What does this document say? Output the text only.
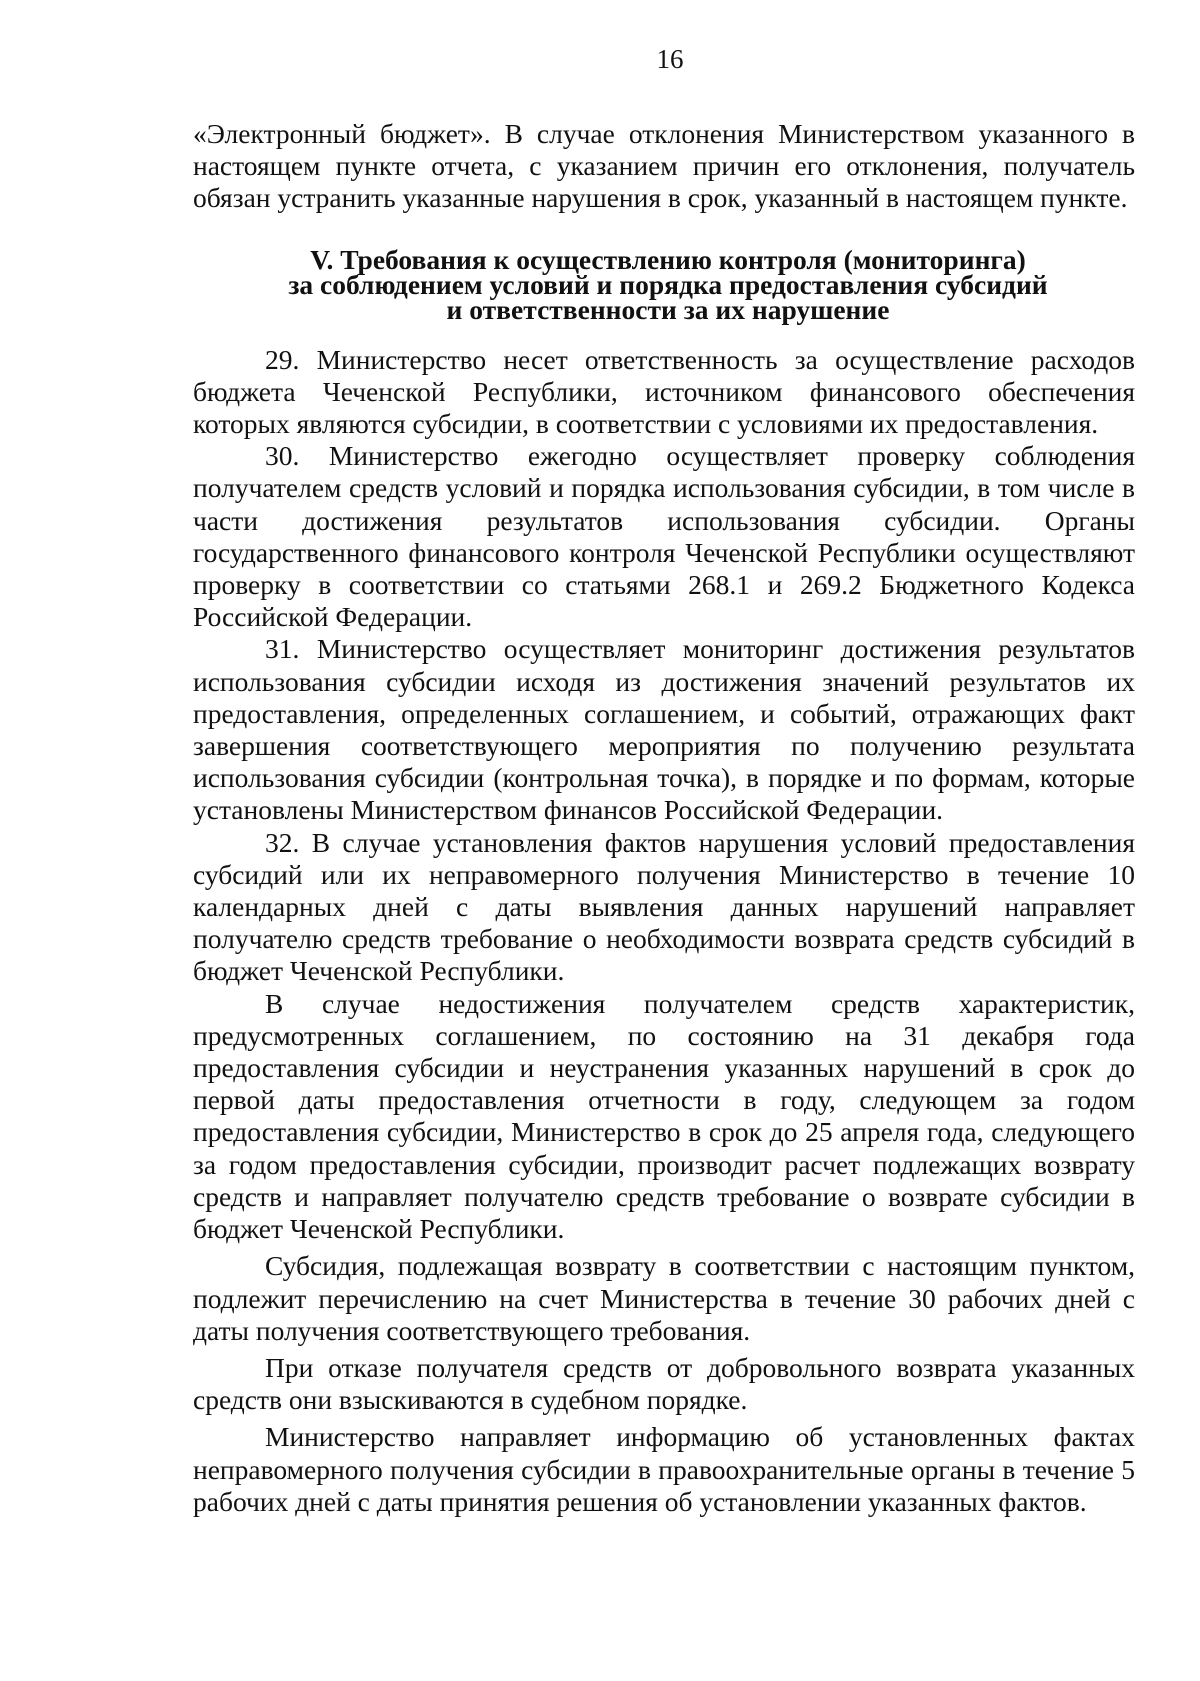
16

«Электронный бюджет». В случае отклонения Министерством указанного в настоящем пункте отчета, с указанием причин его отклонения, получатель обязан устранить указанные нарушения в срок, указанный в настоящем пункте.

V. Требования к осуществлению контроля (мониторинга)
за соблюдением условий и порядка предоставления субсидий
и ответственности за их нарушение

29. Министерство несет ответственность за осуществление расходов бюджета Чеченской Республики, источником финансового обеспечения которых являются субсидии, в соответствии с условиями их предоставления.

30. Министерство ежегодно осуществляет проверку соблюдения получателем средств условий и порядка использования субсидии, в том числе в части достижения результатов использования субсидии. Органы государственного финансового контроля Чеченской Республики осуществляют проверку в соответствии со статьями 268.1 и 269.2 Бюджетного Кодекса Российской Федерации.

31. Министерство осуществляет мониторинг достижения результатов использования субсидии исходя из достижения значений результатов их предоставления, определенных соглашением, и событий, отражающих факт завершения соответствующего мероприятия по получению результата использования субсидии (контрольная точка), в порядке и по формам, которые установлены Министерством финансов Российской Федерации.

32. В случае установления фактов нарушения условий предоставления субсидий или их неправомерного получения Министерство в течение 10 календарных дней с даты выявления данных нарушений направляет получателю средств требование о необходимости возврата средств субсидий в бюджет Чеченской Республики.

В случае недостижения получателем средств характеристик, предусмотренных соглашением, по состоянию на 31 декабря года предоставления субсидии и неустранения указанных нарушений в срок до первой даты предоставления отчетности в году, следующем за годом предоставления субсидии, Министерство в срок до 25 апреля года, следующего за годом предоставления субсидии, производит расчет подлежащих возврату средств и направляет получателю средств требование о возврате субсидии в бюджет Чеченской Республики.

Субсидия, подлежащая возврату в соответствии с настоящим пунктом, подлежит перечислению на счет Министерства в течение 30 рабочих дней с даты получения соответствующего требования.

При отказе получателя средств от добровольного возврата указанных средств они взыскиваются в судебном порядке.

Министерство направляет информацию об установленных фактах неправомерного получения субсидии в правоохранительные органы в течение 5 рабочих дней с даты принятия решения об установлении указанных фактов.
